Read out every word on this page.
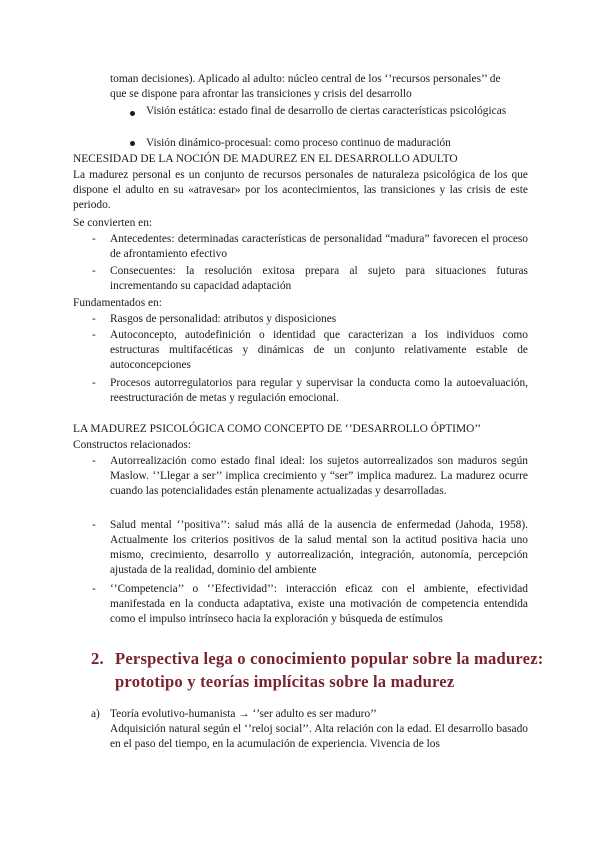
toman decisiones). Aplicado al adulto: núcleo central de los ‘’recursos personales’’ de

que se dispone para afrontar las transiciones y crisis del desarrollo

Visión estática: estado final de desarrollo de ciertas características psicológicas

Visión dinámico-procesual: como proceso continuo de maduración

NECESIDAD DE LA NOCIÓN DE MADUREZ EN EL DESARROLLO ADULTO

La madurez personal es un conjunto de recursos personales de naturaleza psicológica de los que dispone el adulto en su «atravesar» por los acontecimientos, las transiciones y las crisis de este periodo.

Se convierten en:

- Antecedentes: determinadas características de personalidad “madura” favorecen el proceso de afrontamiento efectivo

- Consecuentes: la resolución exitosa prepara al sujeto para situaciones futuras incrementando su capacidad adaptación

Fundamentados en:

- Rasgos de personalidad: atributos y disposiciones

- Autoconcepto, autodefinición o identidad que caracterizan a los individuos como estructuras multifacéticas y dinámicas de un conjunto relativamente estable de autoconcepciones

- Procesos autorregulatorios para regular y supervisar la conducta como la autoevaluación, reestructuración de metas y regulación emocional.

LA MADUREZ PSICOLÓGICA COMO CONCEPTO DE ‘’DESARROLLO ÓPTIMO’’

Constructos relacionados:

- Autorrealización como estado final ideal: los sujetos autorrealizados son maduros según Maslow. ‘’Llegar a ser’’ implica crecimiento y “ser” implica madurez. La madurez ocurre cuando las potencialidades están plenamente actualizadas y desarrolladas.

- Salud mental ‘’positiva’’: salud más allá de la ausencia de enfermedad (Jahoda, 1958). Actualmente los criterios positivos de la salud mental son la actitud positiva hacia uno mismo, crecimiento, desarrollo y autorrealización, integración, autonomía, percepción ajustada de la realidad, dominio del ambiente

- ‘’Competencia’’ o ‘’Efectividad’’: interacción eficaz con el ambiente, efectividad manifestada en la conducta adaptativa, existe una motivación de competencia entendida como el impulso intrínseco hacia la exploración y búsqueda de estímulos

2. Perspectiva lega o conocimiento popular sobre la madurez:
prototipo y teorías implícitas sobre la madurez
a) Teoría evolutivo-humanista → ‘’ser adulto es ser maduro’’

Adquisición natural según el ‘’reloj social’’. Alta relación con la edad. El desarrollo basado en el paso del tiempo, en la acumulación de experiencia. Vivencia de los
